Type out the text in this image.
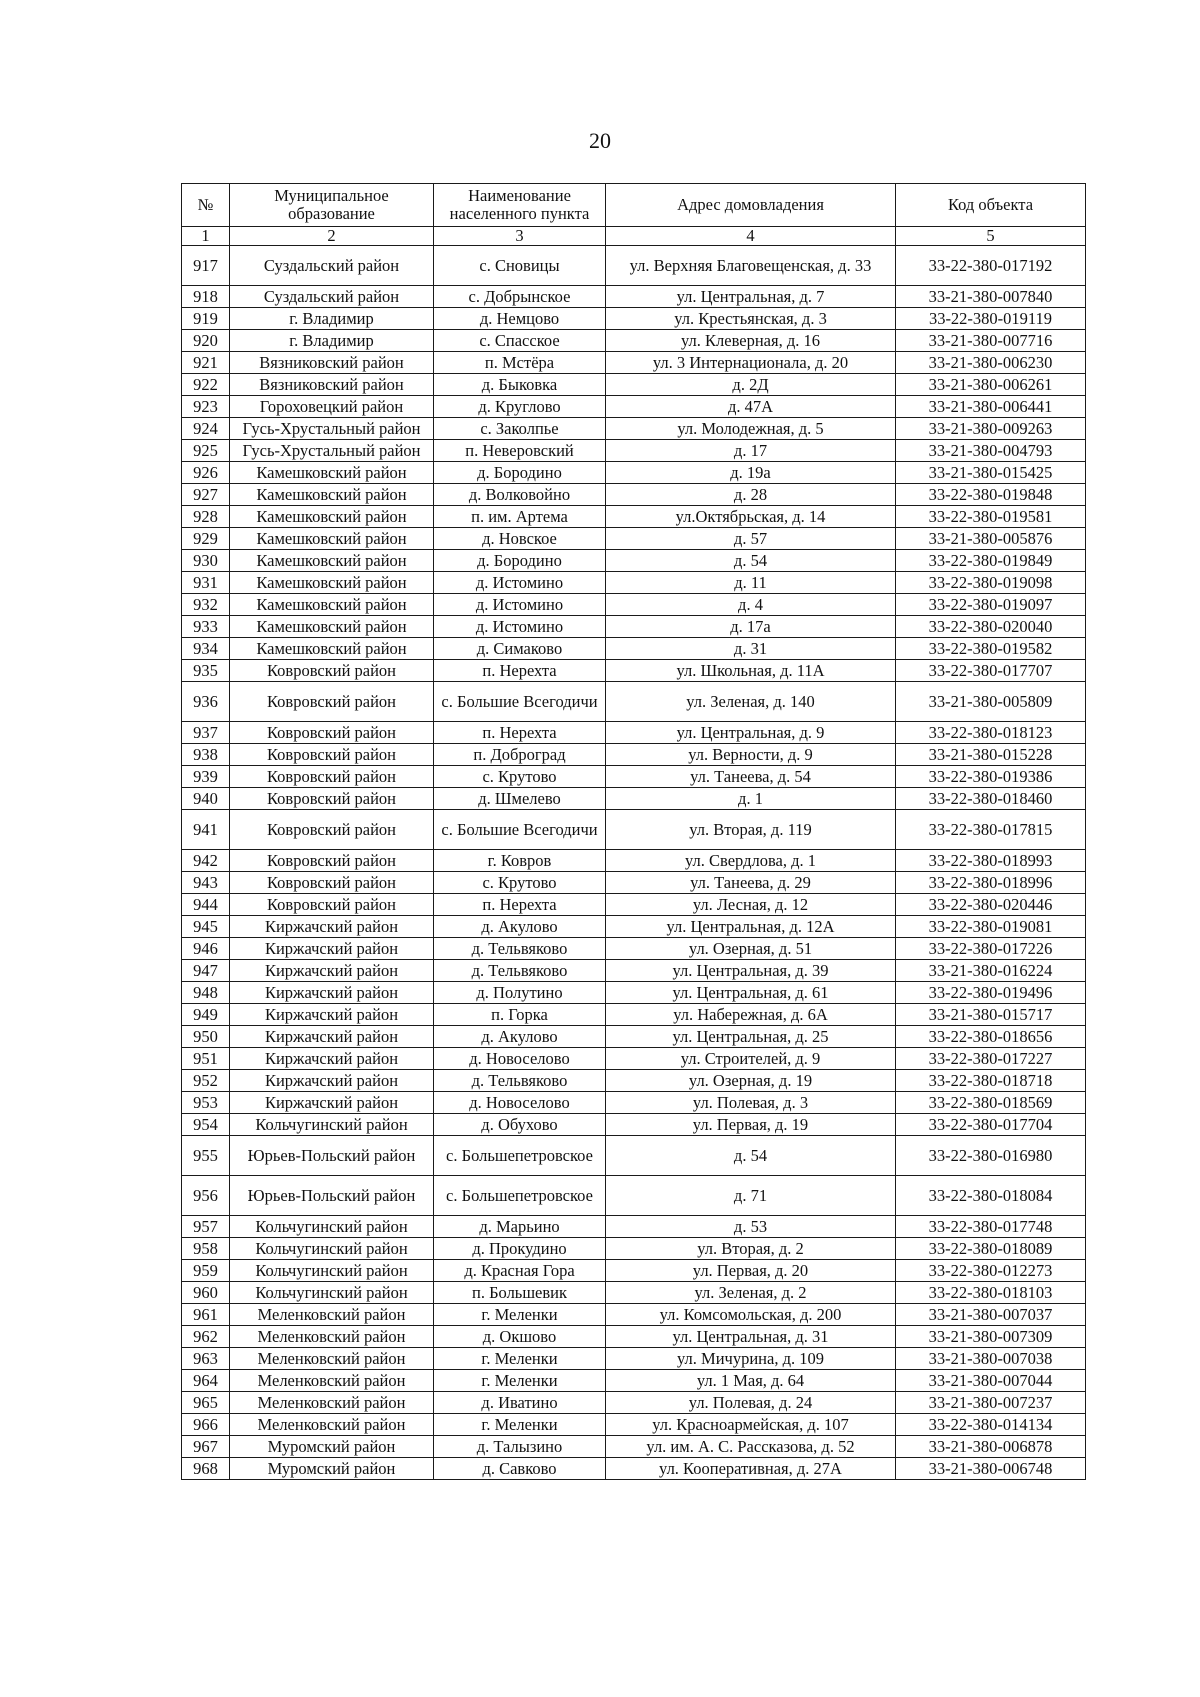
20
№	Муниципальное образование	Наименование населенного пункта	Адрес домовладения	Код объекта
1	2	3	4	5
917	Суздальский район	с. Сновицы	ул. Верхняя Благовещенская, д. 33	33-22-380-017192
918	Суздальский район	с. Добрынское	ул. Центральная, д. 7	33-21-380-007840
919	г. Владимир	д. Немцово	ул. Крестьянская, д. 3	33-22-380-019119
920	г. Владимир	с. Спасское	ул. Клеверная, д. 16	33-21-380-007716
921	Вязниковский район	п. Мстёра	ул. 3 Интернационала, д. 20	33-21-380-006230
922	Вязниковский район	д. Быковка	д. 2Д	33-21-380-006261
923	Гороховецкий район	д. Круглово	д. 47А	33-21-380-006441
924	Гусь-Хрустальный район	с. Заколпье	ул. Молодежная, д. 5	33-21-380-009263
925	Гусь-Хрустальный район	п. Неверовский	д. 17	33-21-380-004793
926	Камешковский район	д. Бородино	д. 19а	33-21-380-015425
927	Камешковский район	д. Волковойно	д. 28	33-22-380-019848
928	Камешковский район	п. им. Артема	ул.Октябрьская, д. 14	33-22-380-019581
929	Камешковский район	д. Новское	д. 57	33-21-380-005876
930	Камешковский район	д. Бородино	д. 54	33-22-380-019849
931	Камешковский район	д. Истомино	д. 11	33-22-380-019098
932	Камешковский район	д. Истомино	д. 4	33-22-380-019097
933	Камешковский район	д. Истомино	д. 17а	33-22-380-020040
934	Камешковский район	д. Симаково	д. 31	33-22-380-019582
935	Ковровский район	п. Нерехта	ул. Школьная, д. 11А	33-22-380-017707
936	Ковровский район	с. Большие Всегодичи	ул. Зеленая, д. 140	33-21-380-005809
937	Ковровский район	п. Нерехта	ул. Центральная, д. 9	33-22-380-018123
938	Ковровский район	п. Доброград	ул. Верности, д. 9	33-21-380-015228
939	Ковровский район	с. Крутово	ул. Танеева, д. 54	33-22-380-019386
940	Ковровский район	д. Шмелево	д. 1	33-22-380-018460
941	Ковровский район	с. Большие Всегодичи	ул. Вторая, д. 119	33-22-380-017815
942	Ковровский район	г. Ковров	ул. Свердлова, д. 1	33-22-380-018993
943	Ковровский район	с. Крутово	ул. Танеева, д. 29	33-22-380-018996
944	Ковровский район	п. Нерехта	ул. Лесная, д. 12	33-22-380-020446
945	Киржачский район	д. Акулово	ул. Центральная, д. 12А	33-22-380-019081
946	Киржачский район	д. Тельвяково	ул. Озерная, д. 51	33-22-380-017226
947	Киржачский район	д. Тельвяково	ул. Центральная, д. 39	33-21-380-016224
948	Киржачский район	д. Полутино	ул. Центральная, д. 61	33-22-380-019496
949	Киржачский район	п. Горка	ул. Набережная, д. 6А	33-21-380-015717
950	Киржачский район	д. Акулово	ул. Центральная, д. 25	33-22-380-018656
951	Киржачский район	д. Новоселово	ул. Строителей, д. 9	33-22-380-017227
952	Киржачский район	д. Тельвяково	ул. Озерная, д. 19	33-22-380-018718
953	Киржачский район	д. Новоселово	ул. Полевая, д. 3	33-22-380-018569
954	Кольчугинский район	д. Обухово	ул. Первая, д. 19	33-22-380-017704
955	Юрьев-Польский район	с. Большепетровское	д. 54	33-22-380-016980
956	Юрьев-Польский район	с. Большепетровское	д. 71	33-22-380-018084
957	Кольчугинский район	д. Марьино	д. 53	33-22-380-017748
958	Кольчугинский район	д. Прокудино	ул. Вторая, д. 2	33-22-380-018089
959	Кольчугинский район	д. Красная Гора	ул. Первая, д. 20	33-22-380-012273
960	Кольчугинский район	п. Большевик	ул. Зеленая, д. 2	33-22-380-018103
961	Меленковский район	г. Меленки	ул. Комсомольская, д. 200	33-21-380-007037
962	Меленковский район	д. Окшово	ул. Центральная, д. 31	33-21-380-007309
963	Меленковский район	г. Меленки	ул. Мичурина, д. 109	33-21-380-007038
964	Меленковский район	г. Меленки	ул. 1 Мая, д. 64	33-21-380-007044
965	Меленковский район	д. Иватино	ул. Полевая, д. 24	33-21-380-007237
966	Меленковский район	г. Меленки	ул. Красноармейская, д. 107	33-22-380-014134
967	Муромский район	д. Талызино	ул. им. А. С. Рассказова, д. 52	33-21-380-006878
968	Муромский район	д. Савково	ул. Кооперативная, д. 27А	33-21-380-006748
